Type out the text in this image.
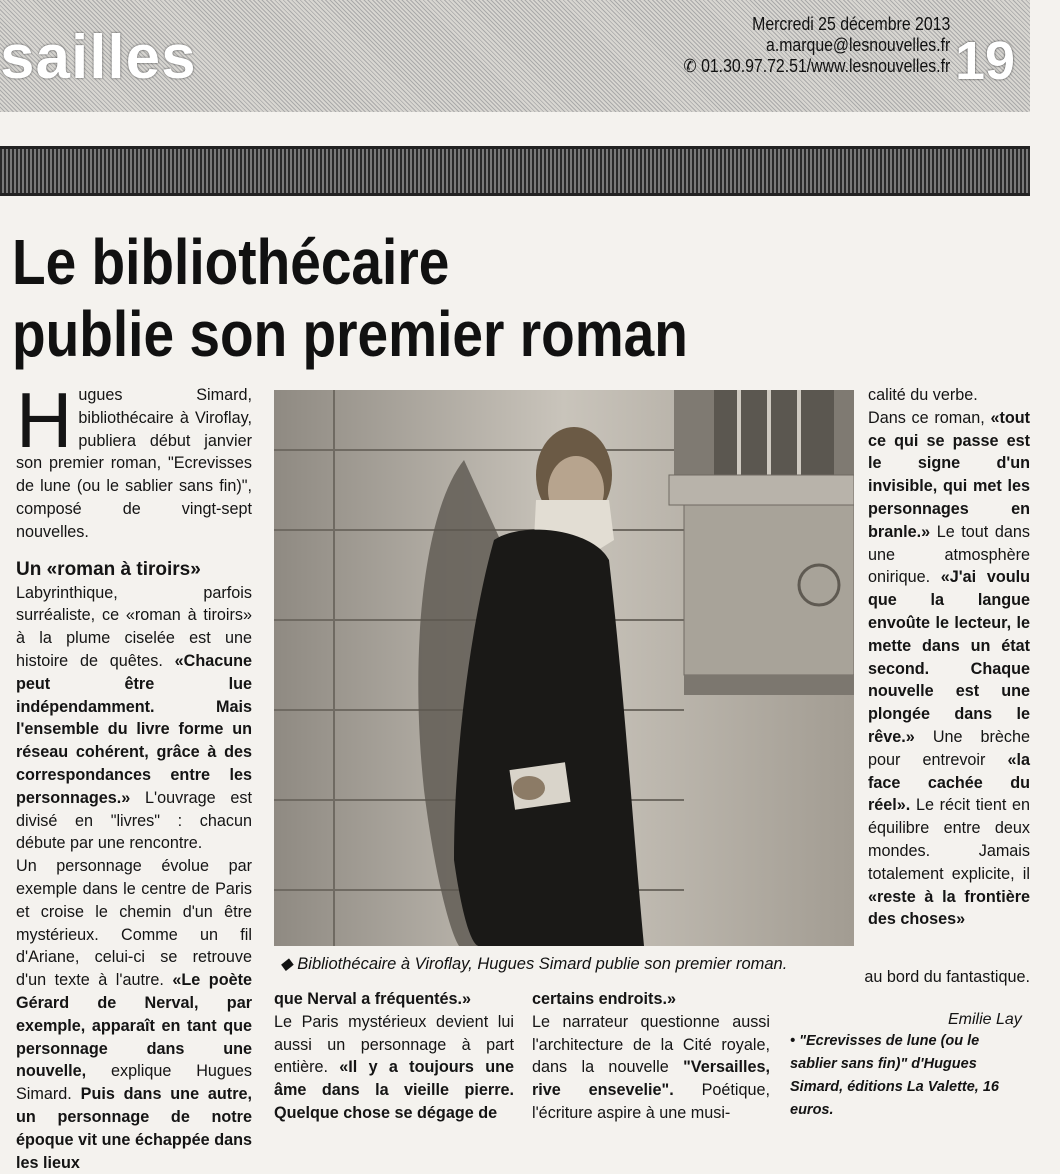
sailles	Mercredi 25 décembre 2013
a.marque@lesnouvelles.fr
✆ 01.30.97.72.51/www.lesnouvelles.fr 19
Le bibliothécaire
publie son premier roman

Hugues Simard, bibliothécaire à Viroflay, publiera début janvier son premier roman, "Ecrevisses de lune (ou le sablier sans fin)", composé de vingt-sept nouvelles.

Un «roman à tiroirs»

Labyrinthique, parfois surréaliste, ce «roman à tiroirs» à la plume ciselée est une histoire de quêtes. «Chacune peut être lue indépendamment. Mais l'ensemble du livre forme un réseau cohérent, grâce à des correspondances entre les personnages.» L'ouvrage est divisé en "livres" : chacun débute par une rencontre.

Un personnage évolue par exemple dans le centre de Paris et croise le chemin d'un être mystérieux. Comme un fil d'Ariane, celui-ci se retrouve d'un texte à l'autre. «Le poète Gérard de Nerval, par exemple, apparaît en tant que personnage dans une nouvelle, explique Hugues Simard. Puis dans une autre, un personnage de notre époque vit une échappée dans les lieux

◆ Bibliothécaire à Viroflay, Hugues Simard publie son premier roman.

que Nerval a fréquentés.»

Le Paris mystérieux devient lui aussi un personnage à part entière. «Il y a toujours une âme dans la vieille pierre. Quelque chose se dégage de

certains endroits.»

Le narrateur questionne aussi l'architecture de la Cité royale, dans la nouvelle "Versailles, rive ensevelie". Poétique, l'écriture aspire à une musi-

calité du verbe.

Dans ce roman, «tout ce qui se passe est le signe d'un invisible, qui met les personnages en branle.» Le tout dans une atmosphère onirique. «J'ai voulu que la langue envoûte le lecteur, le mette dans un état second. Chaque nouvelle est une plongée dans le rêve.» Une brèche pour entrevoir «la face cachée du réel». Le récit tient en équilibre entre deux mondes. Jamais totalement explicite, il «reste à la frontière des choses»

au bord du fantastique.

Emilie Lay
• "Ecrevisses de lune (ou le sablier sans fin)" d'Hugues Simard, éditions La Valette, 16 euros.
